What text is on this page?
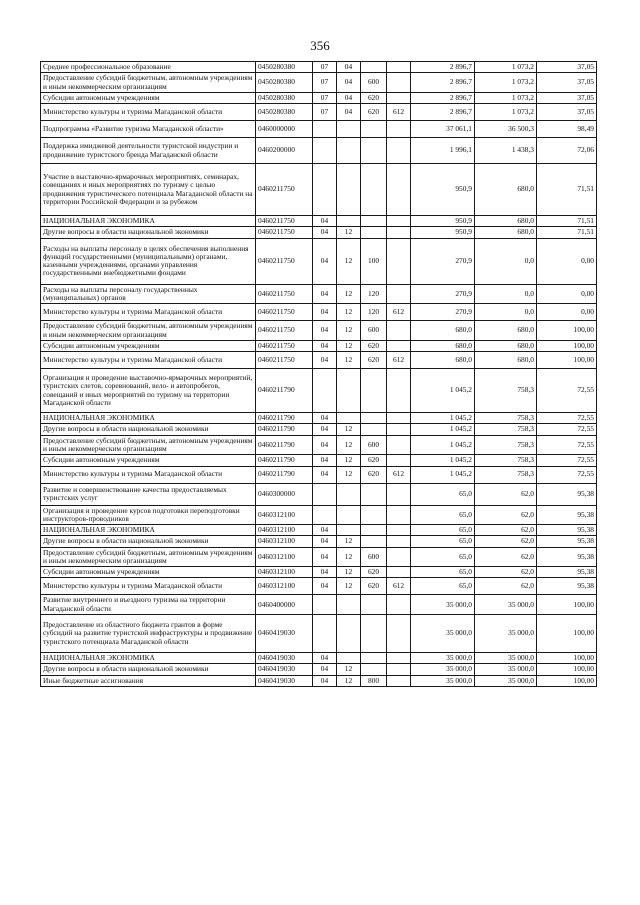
356
Среднее профессиональное образование	0450280380	07	04			2 896,7	1 073,2	37,05
Предоставление субсидий бюджетным, автономным учреждениям и иным некоммерческим организациям	0450280380	07	04	600		2 896,7	1 073,2	37,05
Субсидии автономным учреждениям	0450280380	07	04	620		2 896,7	1 073,2	37,05
Министерство культуры и туризма Магаданской области	0450280380	07	04	620	612	2 896,7	1 073,2	37,05
Подпрограмма «Развитие туризма Магаданской области»	0460000000					37 061,1	36 500,3	98,49
Поддержка имиджевой деятельности туристской индустрии и продвижение туристского бренда Магаданской области	0460200000					1 996,1	1 438,3	72,06
Участие в выставочно-ярмарочных мероприятиях, семинарах, совещаниях и иных мероприятиях по туризму с целью продвижения туристического потенциала Магаданской области на территории Российской Федерации и за рубежом	0460211750					950,9	680,0	71,51
НАЦИОНАЛЬНАЯ ЭКОНОМИКА	0460211750	04				950,9	680,0	71,51
Другие вопросы в области национальной экономики	0460211750	04	12			950,9	680,0	71,51
Расходы на выплаты персоналу в целях обеспечения выполнения функций государственными (муниципальными) органами, казенными учреждениями, органами управления государственными внебюджетными фондами	0460211750	04	12	100		270,9	0,0	0,00
Расходы на выплаты персоналу государственных (муниципальных) органов	0460211750	04	12	120		270,9	0,0	0,00
Министерство культуры и туризма Магаданской области	0460211750	04	12	120	612	270,9	0,0	0,00
Предоставление субсидий бюджетным, автономным учреждениям и иным некоммерческим организациям	0460211750	04	12	600		680,0	680,0	100,00
Субсидии автономным учреждениям	0460211750	04	12	620		680,0	680,0	100,00
Министерство культуры и туризма Магаданской области	0460211750	04	12	620	612	680,0	680,0	100,00
Организация и проведение выставочно-ярмарочных мероприятий, туристских слетов, соревнований, вело- и автопробегов, совещаний и иных мероприятий по туризму на территории Магаданской области	0460211790					1 045,2	758,3	72,55
НАЦИОНАЛЬНАЯ ЭКОНОМИКА	0460211790	04				1 045,2	758,3	72,55
Другие вопросы в области национальной экономики	0460211790	04	12			1 045,2	758,3	72,55
Предоставление субсидий бюджетным, автономным учреждениям и иным некоммерческим организациям	0460211790	04	12	600		1 045,2	758,3	72,55
Субсидии автономным учреждениям	0460211790	04	12	620		1 045,2	758,3	72,55
Министерство культуры и туризма Магаданской области	0460211790	04	12	620	612	1 045,2	758,3	72,55
Развитие и совершенствование качества предоставляемых туристских услуг	0460300000					65,0	62,0	95,38
Организация и проведение курсов подготовки переподготовки инструкторов-проводников	0460312100					65,0	62,0	95,38
НАЦИОНАЛЬНАЯ ЭКОНОМИКА	0460312100	04				65,0	62,0	95,38
Другие вопросы в области национальной экономики	0460312100	04	12			65,0	62,0	95,38
Предоставление субсидий бюджетным, автономным учреждениям и иным некоммерческим организациям	0460312100	04	12	600		65,0	62,0	95,38
Субсидии автономным учреждениям	0460312100	04	12	620		65,0	62,0	95,38
Министерство культуры и туризма Магаданской области	0460312100	04	12	620	612	65,0	62,0	95,38
Развитие внутреннего и въездного туризма на территории Магаданской области	0460400000					35 000,0	35 000,0	100,00
Предоставление из областного бюджета грантов в форме субсидий на развитие туристской инфраструктуры и продвижение туристского потенциала Магаданской области	0460419030					35 000,0	35 000,0	100,00
НАЦИОНАЛЬНАЯ ЭКОНОМИКА	0460419030	04				35 000,0	35 000,0	100,00
Другие вопросы в области национальной экономики	0460419030	04	12			35 000,0	35 000,0	100,00
Иные бюджетные ассигнования	0460419030	04	12	800		35 000,0	35 000,0	100,00
